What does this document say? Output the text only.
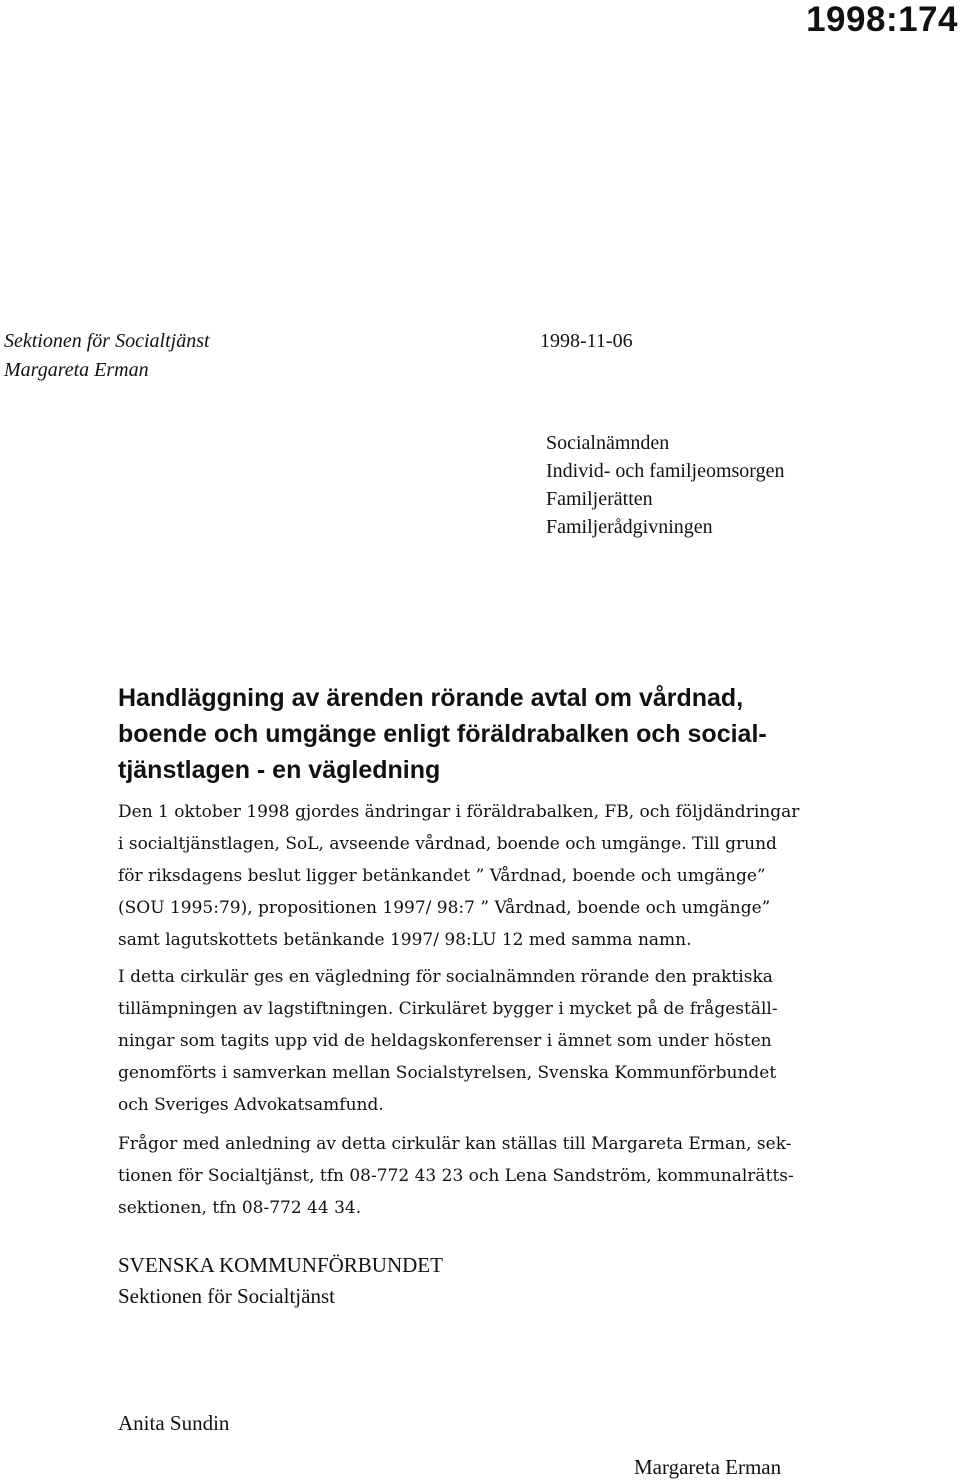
1998:174
Sektionen för Socialtjänst
Margareta Erman
1998-11-06
Socialnämnden
Individ- och familjeomsorgen
Familjerätten
Familjerådgivningen
Handläggning av ärenden rörande avtal om vårdnad,
boende och umgänge enligt föräldrabalken och social-
tjänstlagen - en vägledning
Den 1 oktober 1998 gjordes ändringar i föräldrabalken, FB, och följdändringar
i socialtjänstlagen, SoL, avseende vårdnad, boende och umgänge. Till grund
för riksdagens beslut ligger betänkandet ” Vårdnad, boende och umgänge”
(SOU 1995:79), propositionen 1997/ 98:7 ” Vårdnad, boende och umgänge”
samt lagutskottets betänkande 1997/ 98:LU 12 med samma namn.
I detta cirkulär ges en vägledning för socialnämnden rörande den praktiska
tillämpningen av lagstiftningen. Cirkuläret bygger i mycket på de frågeställ-
ningar som tagits upp vid de heldagskonferenser i ämnet som under hösten
genomförts i samverkan mellan Socialstyrelsen, Svenska Kommunförbundet
och Sveriges Advokatsamfund.
Frågor med anledning av detta cirkulär kan ställas till Margareta Erman, sek-
tionen för Socialtjänst, tfn 08-772 43 23 och Lena Sandström, kommunalrätts-
sektionen, tfn 08-772 44 34.
SVENSKA KOMMUNFÖRBUNDET
Sektionen för Socialtjänst
Anita Sundin
Margareta Erman
